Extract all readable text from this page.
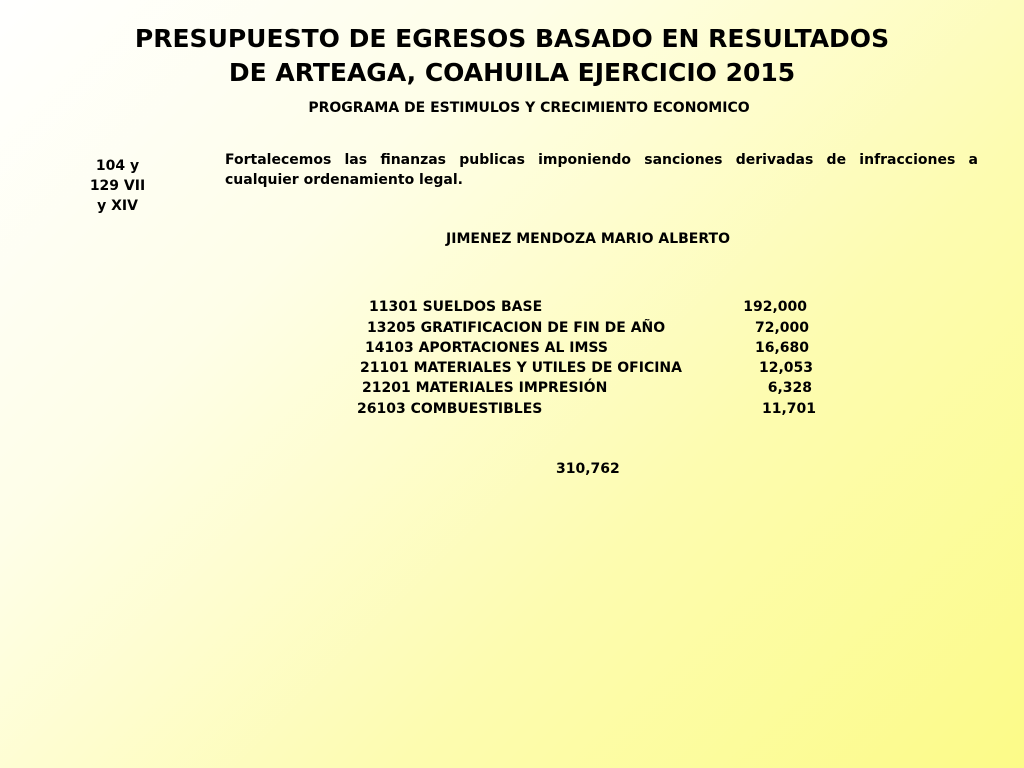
PRESUPUESTO DE EGRESOS BASADO EN RESULTADOS
DE ARTEAGA, COAHUILA EJERCICIO 2015
PROGRAMA DE ESTIMULOS Y CRECIMIENTO ECONOMICO
104 y
129 VII
y XIV
Fortalecemos las finanzas publicas imponiendo sanciones derivadas de infracciones a cualquier ordenamiento legal.
JIMENEZ MENDOZA MARIO ALBERTO
11301 SUELDOS BASE	192,000
13205 GRATIFICACION DE FIN DE AÑO	72,000
14103 APORTACIONES AL IMSS	16,680
21101 MATERIALES Y UTILES DE OFICINA	12,053
21201 MATERIALES IMPRESIÓN	6,328
26103 COMBUESTIBLES	11,701
310,762
